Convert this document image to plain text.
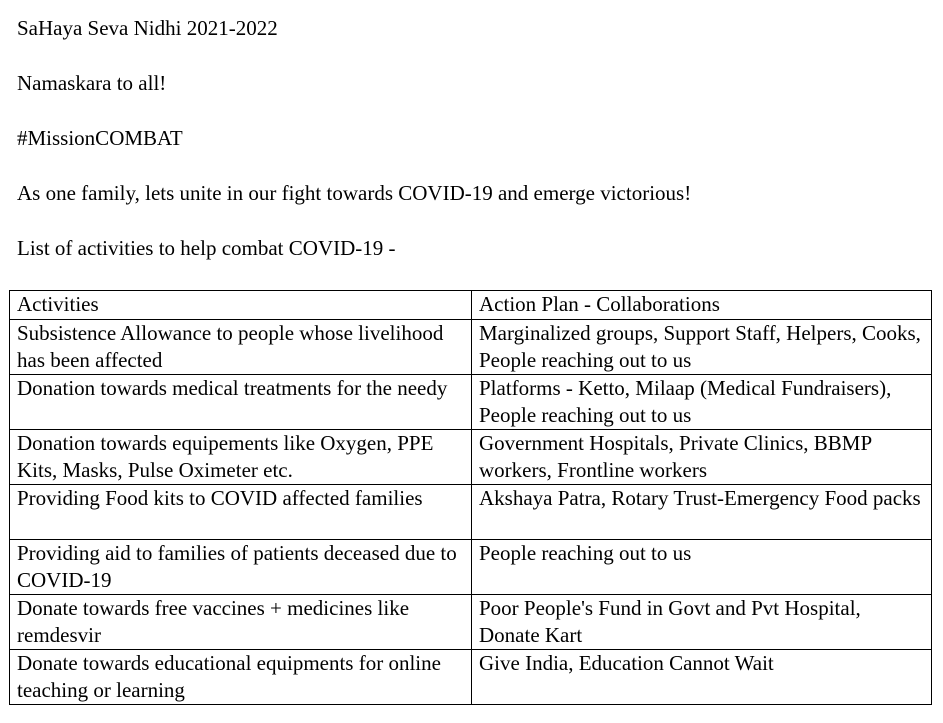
SaHaya Seva Nidhi 2021-2022

Namaskara to all!

#MissionCOMBAT

As one family, lets unite in our fight towards COVID-19 and emerge victorious!

List of activities to help combat COVID-19 -

Activities	Action Plan - Collaborations
Subsistence Allowance to people whose livelihood has been affected	Marginalized groups, Support Staff, Helpers, Cooks, People reaching out to us
Donation towards medical treatments for the needy	Platforms - Ketto, Milaap (Medical Fundraisers), People reaching out to us
Donation towards equipements like Oxygen, PPE Kits, Masks, Pulse Oximeter etc.	Government Hospitals, Private Clinics, BBMP workers, Frontline workers
Providing Food kits to COVID affected families	Akshaya Patra, Rotary Trust-Emergency Food packs
Providing aid to families of patients deceased due to COVID-19	People reaching out to us
Donate towards free vaccines + medicines like remdesvir	Poor People's Fund in Govt and Pvt Hospital, Donate Kart
Donate towards educational equipments for online teaching or learning	Give India, Education Cannot Wait
